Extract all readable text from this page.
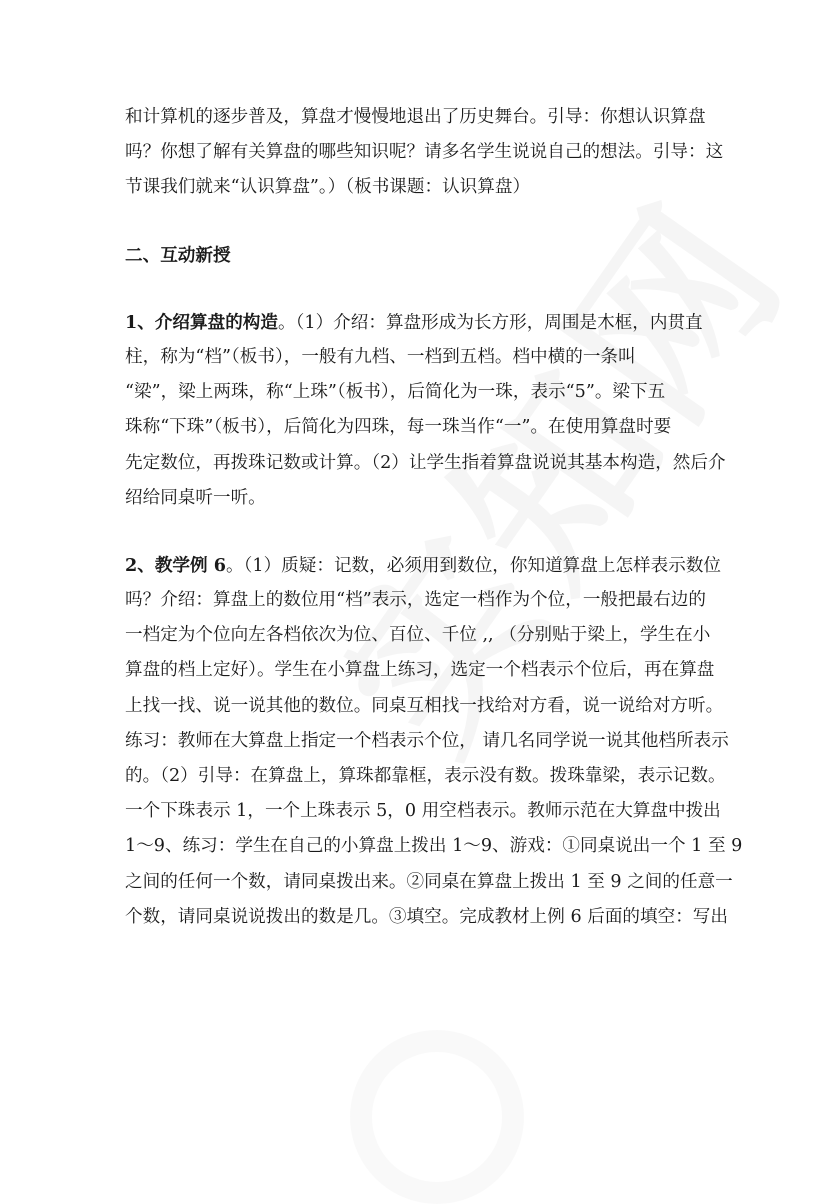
和计算机的逐步普及，算盘才慢慢地退出了历史舞台。引导：你想认识算盘
吗？你想了解有关算盘的哪些知识呢？请多名学生说说自己的想法。引导：这
节课我们就来“认识算盘”。）（板书课题：认识算盘）
二、互动新授
1、介绍算盘的构造。（1）介绍：算盘形成为长方形，周围是木框，内贯直
柱，称为“档”（板书），一般有九档、一档到五档。档中横的一条叫
“梁”，梁上两珠，称“上珠”（板书），后简化为一珠，表示“5”。梁下五
珠称“下珠”（板书），后简化为四珠，每一珠当作“一”。在使用算盘时要
先定数位，再拨珠记数或计算。（2）让学生指着算盘说说其基本构造，然后介
绍给同桌听一听。
2、教学例 6。（1）质疑：记数，必须用到数位，你知道算盘上怎样表示数位
吗？介绍：算盘上的数位用“档”表示，选定一档作为个位，一般把最右边的
一档定为个位向左各档依次为位、百位、千位 ,, （分别贴于梁上，学生在小
算盘的档上定好）。学生在小算盘上练习，选定一个档表示个位后，再在算盘
上找一找、说一说其他的数位。同桌互相找一找给对方看，说一说给对方听。
练习：教师在大算盘上指定一个档表示个位， 请几名同学说一说其他档所表示
的。（2）引导：在算盘上，算珠都靠框，表示没有数。拨珠靠梁，表示记数。
一个下珠表示 1，一个上珠表示 5，0 用空档表示。教师示范在大算盘中拨出
1～9、练习：学生在自己的小算盘上拨出 1～9、游戏：①同桌说出一个 1 至 9
之间的任何一个数，请同桌拨出来。②同桌在算盘上拨出 1 至 9 之间的任意一
个数，请同桌说说拨出的数是几。③填空。完成教材上例 6 后面的填空：写出
